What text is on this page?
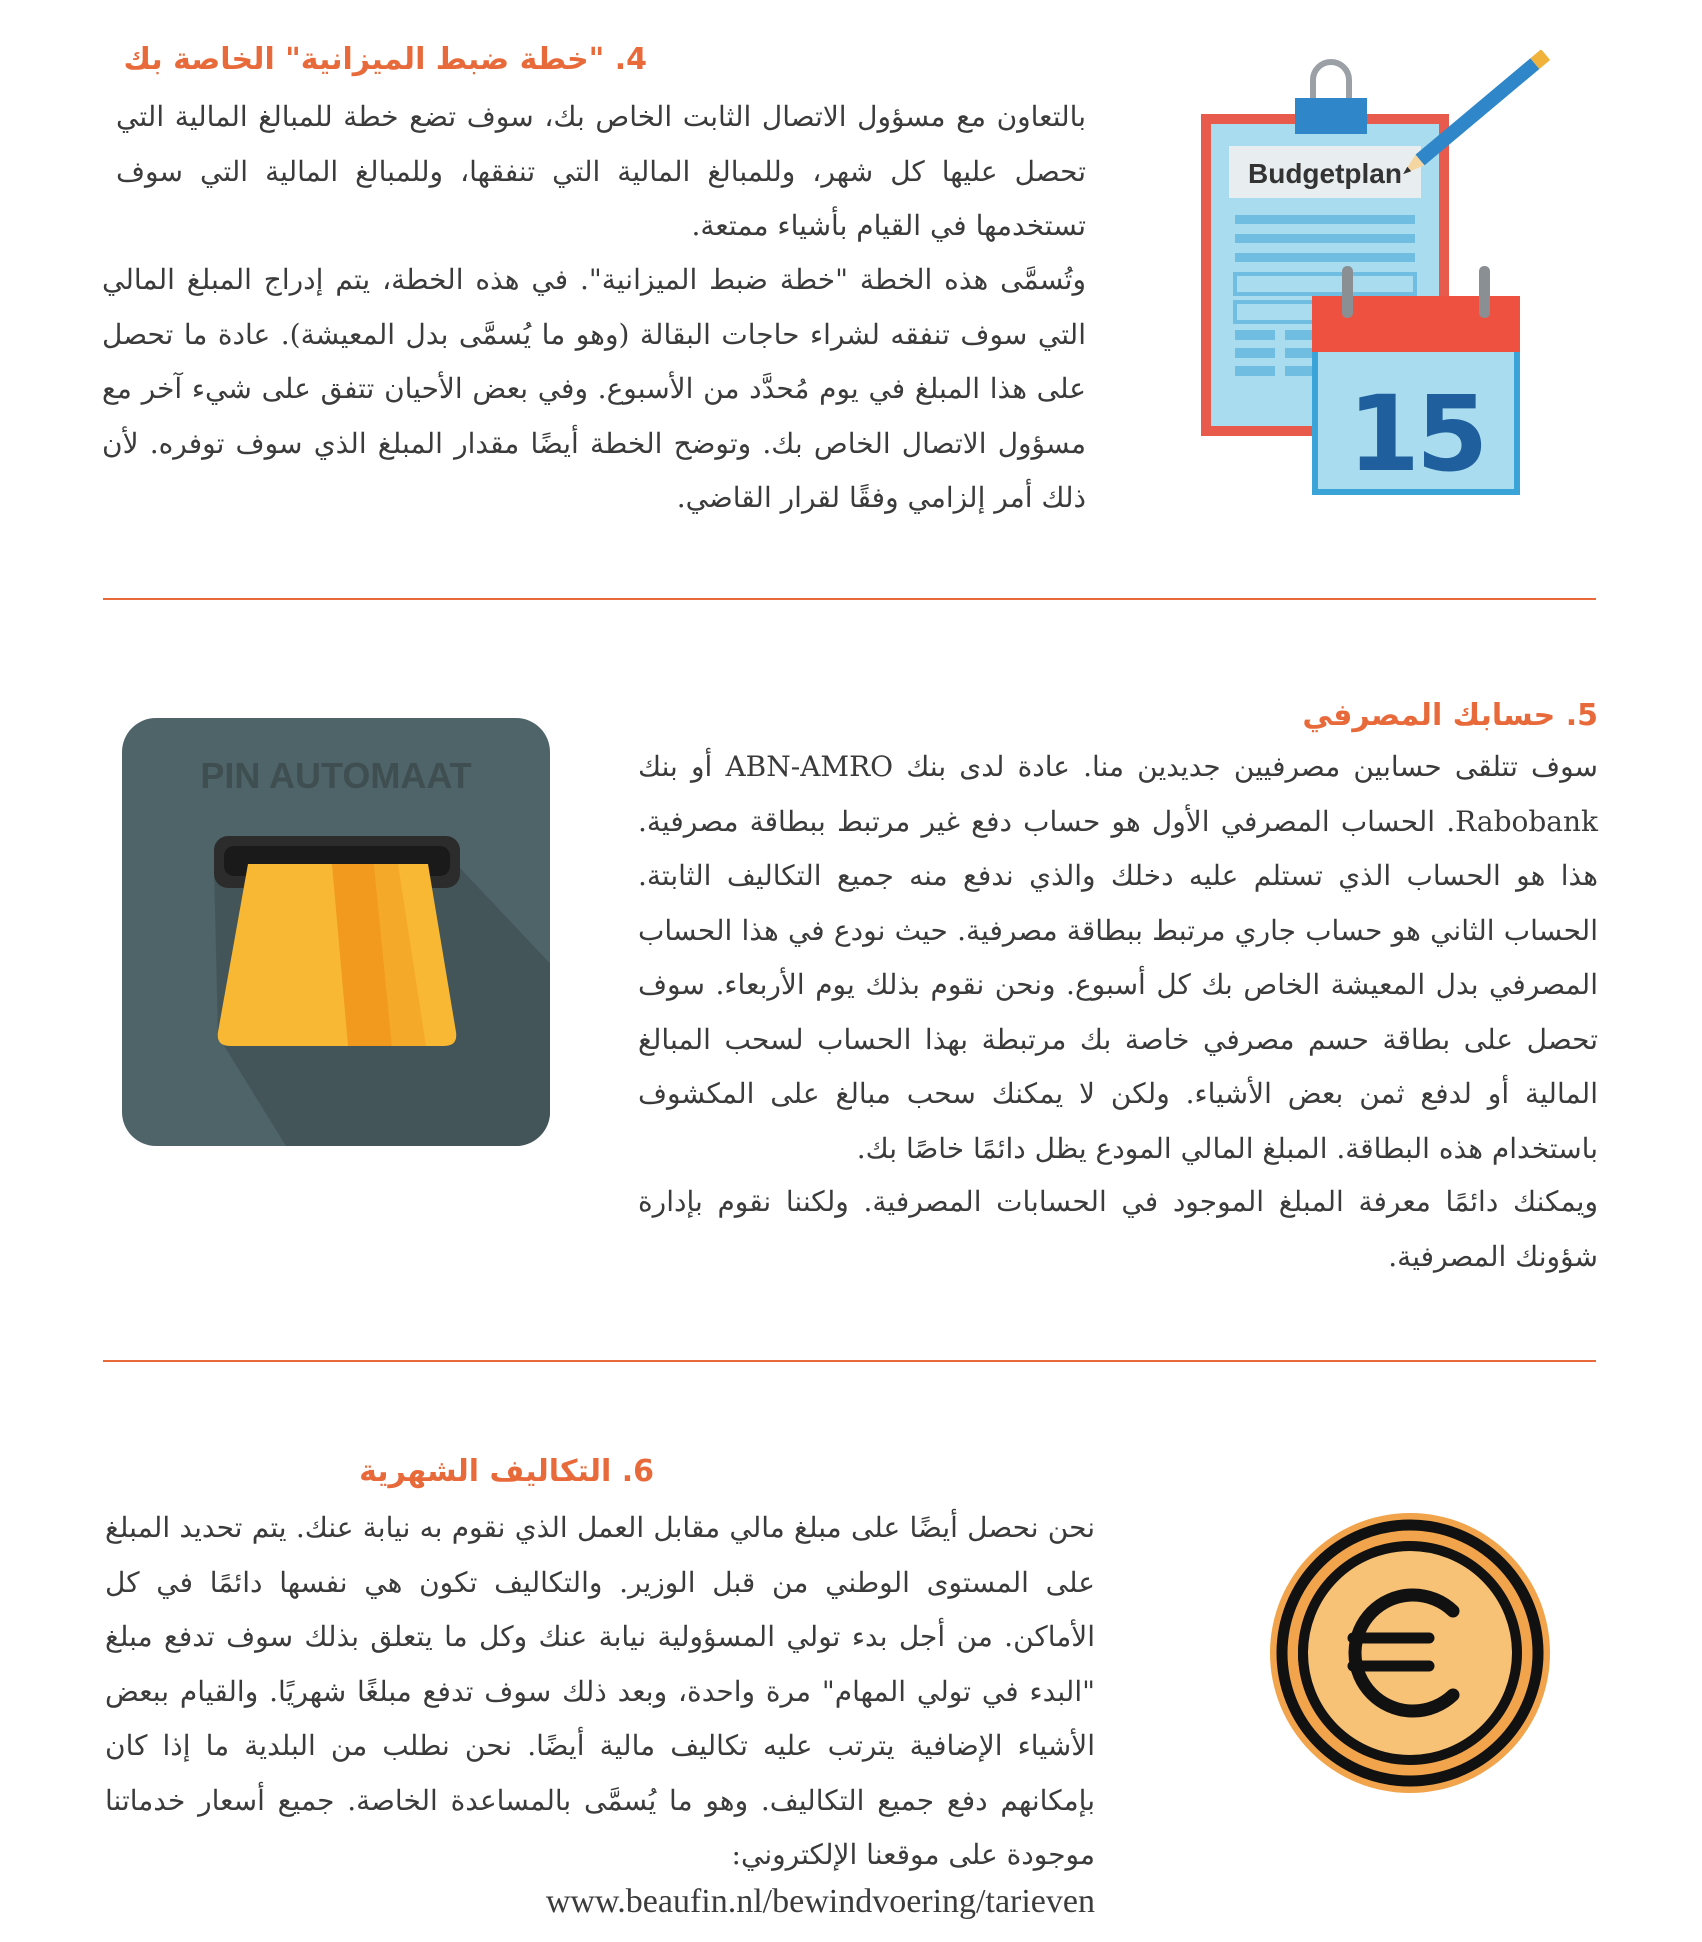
4. "خطة ضبط الميزانية" الخاصة بك

بالتعاون مع مسؤول الاتصال الثابت الخاص بك، سوف تضع خطة للمبالغ المالية التي تحصل عليها كل شهر، وللمبالغ المالية التي تنفقها، وللمبالغ المالية التي سوف تستخدمها في القيام بأشياء ممتعة.

وتُسمَّى هذه الخطة "خطة ضبط الميزانية". في هذه الخطة، يتم إدراج المبلغ المالي التي سوف تنفقه لشراء حاجات البقالة (وهو ما يُسمَّى بدل المعيشة). عادة ما تحصل على هذا المبلغ في يوم مُحدَّد من الأسبوع. وفي بعض الأحيان تتفق على شيء آخر مع مسؤول الاتصال الخاص بك. وتوضح الخطة أيضًا مقدار المبلغ الذي سوف توفره. لأن ذلك أمر إلزامي وفقًا لقرار القاضي.

Budgetplan
15
5. حسابك المصرفي

سوف تتلقى حسابين مصرفيين جديدين منا. عادة لدى بنك ABN-AMRO أو بنك Rabobank. الحساب المصرفي الأول هو حساب دفع غير مرتبط ببطاقة مصرفية. هذا هو الحساب الذي تستلم عليه دخلك والذي ندفع منه جميع التكاليف الثابتة. الحساب الثاني هو حساب جاري مرتبط ببطاقة مصرفية. حيث نودع في هذا الحساب المصرفي بدل المعيشة الخاص بك كل أسبوع. ونحن نقوم بذلك يوم الأربعاء. سوف تحصل على بطاقة حسم مصرفي خاصة بك مرتبطة بهذا الحساب لسحب المبالغ المالية أو لدفع ثمن بعض الأشياء. ولكن لا يمكنك سحب مبالغ على المكشوف باستخدام هذه البطاقة. المبلغ المالي المودع يظل دائمًا خاصًا بك.

ويمكنك دائمًا معرفة المبلغ الموجود في الحسابات المصرفية. ولكننا نقوم بإدارة شؤونك المصرفية.

PIN AUTOMAAT
6. التكاليف الشهرية

نحن نحصل أيضًا على مبلغ مالي مقابل العمل الذي نقوم به نيابة عنك. يتم تحديد المبلغ على المستوى الوطني من قبل الوزير. والتكاليف تكون هي نفسها دائمًا في كل الأماكن. من أجل بدء تولي المسؤولية نيابة عنك وكل ما يتعلق بذلك سوف تدفع مبلغ "البدء في تولي المهام" مرة واحدة، وبعد ذلك سوف تدفع مبلغًا شهريًا. والقيام ببعض الأشياء الإضافية يترتب عليه تكاليف مالية أيضًا. نحن نطلب من البلدية ما إذا كان بإمكانهم دفع جميع التكاليف. وهو ما يُسمَّى بالمساعدة الخاصة. جميع أسعار خدماتنا موجودة على موقعنا الإلكتروني:

www.beaufin.nl/bewindvoering/tarieven
